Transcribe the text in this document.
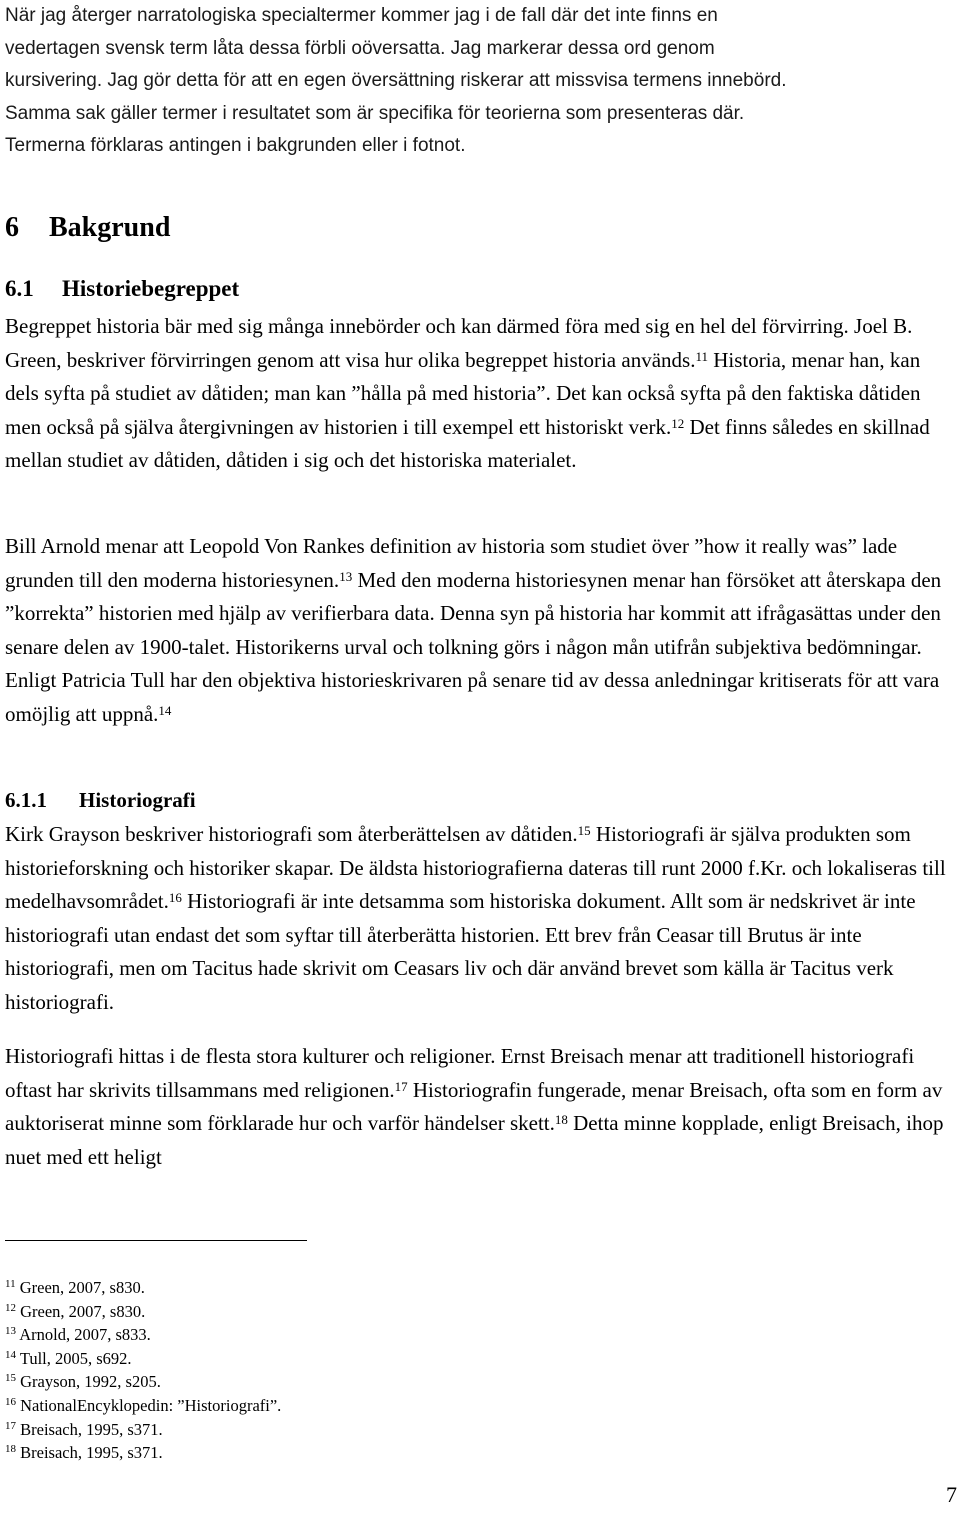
När jag återger narratologiska specialtermer kommer jag i de fall där det inte finns en

vedertagen svensk term låta dessa förbli oöversatta. Jag markerar dessa ord genom

kursivering. Jag gör detta för att en egen översättning riskerar att missvisa termens innebörd.

Samma sak gäller termer i resultatet som är specifika för teorierna som presenteras där.

Termerna förklaras antingen i bakgrunden eller i fotnot.

6 Bakgrund
6.1 Historiebegreppet

Begreppet historia bär med sig många innebörder och kan därmed föra med sig en hel del förvirring. Joel B. Green, beskriver förvirringen genom att visa hur olika begreppet historia används.$^{11}$ Historia, menar han, kan dels syfta på studiet av dåtiden; man kan ”hålla på med historia”. Det kan också syfta på den faktiska dåtiden men också på själva återgivningen av historien i till exempel ett historiskt verk.$^{12}$ Det finns således en skillnad mellan studiet av dåtiden, dåtiden i sig och det historiska materialet.

Bill Arnold menar att Leopold Von Rankes definition av historia som studiet över ”how it really was” lade grunden till den moderna historiesynen.$^{13}$ Med den moderna historiesynen menar han försöket att återskapa den ”korrekta” historien med hjälp av verifierbara data. Denna syn på historia har kommit att ifrågasättas under den senare delen av 1900-talet. Historikerns urval och tolkning görs i någon mån utifrån subjektiva bedömningar. Enligt Patricia Tull har den objektiva historieskrivaren på senare tid av dessa anledningar kritiserats för att vara omöjlig att uppnå.$^{14}$

6.1.1 Historiografi

Kirk Grayson beskriver historiografi som återberättelsen av dåtiden.$^{15}$ Historiografi är själva produkten som historieforskning och historiker skapar. De äldsta historiografierna dateras till runt 2000 f.Kr. och lokaliseras till medelhavsområdet.$^{16}$ Historiografi är inte detsamma som historiska dokument. Allt som är nedskrivet är inte historiografi utan endast det som syftar till återberätta historien. Ett brev från Ceasar till Brutus är inte historiografi, men om Tacitus hade skrivit om Ceasars liv och där använd brevet som källa är Tacitus verk historiografi.

Historiografi hittas i de flesta stora kulturer och religioner. Ernst Breisach menar att traditionell historiografi oftast har skrivits tillsammans med religionen.$^{17}$ Historiografin fungerade, menar Breisach, ofta som en form av auktoriserat minne som förklarade hur och varför händelser skett.$^{18}$ Detta minne kopplade, enligt Breisach, ihop nuet med ett heligt

$^{11}$ Green, 2007, s830.
$^{12}$ Green, 2007, s830.
$^{13}$ Arnold, 2007, s833.
$^{14}$ Tull, 2005, s692.
$^{15}$ Grayson, 1992, s205.
$^{16}$ NationalEncyklopedin: ”Historiografi”.
$^{17}$ Breisach, 1995, s371.
$^{18}$ Breisach, 1995, s371.
7
